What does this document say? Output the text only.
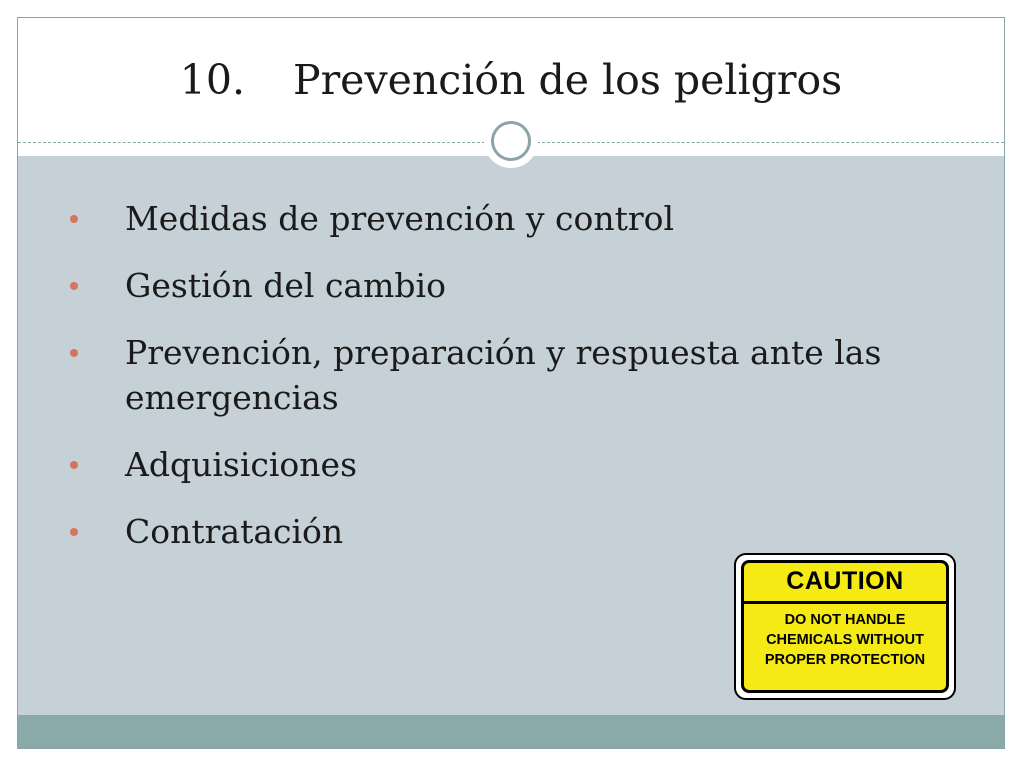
10. Prevención de los peligros
Medidas de prevención y control
Gestión del cambio
Prevención, preparación y respuesta ante las emergencias
Adquisiciones
Contratación
CAUTION
DO NOT HANDLE
CHEMICALS WITHOUT
PROPER PROTECTION
